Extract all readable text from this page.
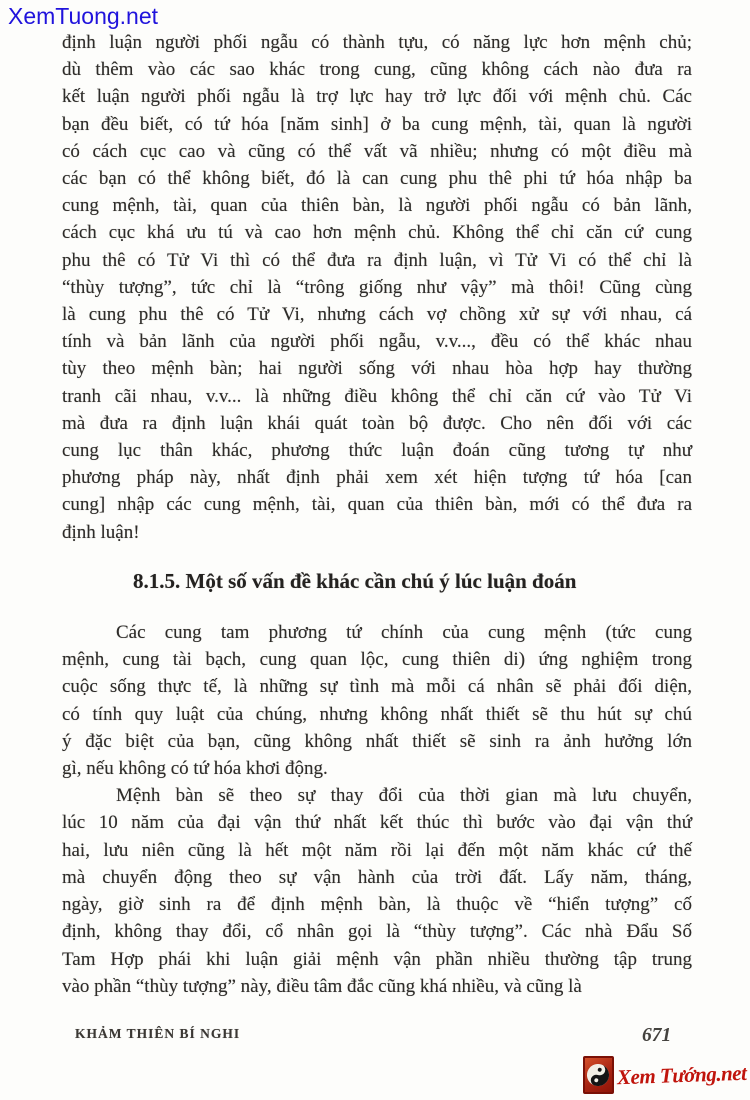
XemTuong.net
định luận người phối ngẫu có thành tựu, có năng lực hơn mệnh chủ;
dù thêm vào các sao khác trong cung, cũng không cách nào đưa ra
kết luận người phối ngẫu là trợ lực hay trở lực đối với mệnh chủ. Các
bạn đều biết, có tứ hóa [năm sinh] ở ba cung mệnh, tài, quan là người
có cách cục cao và cũng có thể vất vã nhiều; nhưng có một điều mà
các bạn có thể không biết, đó là can cung phu thê phi tứ hóa nhập ba
cung mệnh, tài, quan của thiên bàn, là người phối ngẫu có bản lãnh,
cách cục khá ưu tú và cao hơn mệnh chủ. Không thể chỉ căn cứ cung
phu thê có Tử Vi thì có thể đưa ra định luận, vì Tử Vi có thể chỉ là
“thùy tượng”, tức chỉ là “trông giống như vậy” mà thôi! Cũng cùng
là cung phu thê có Tử Vi, nhưng cách vợ chồng xử sự với nhau, cá
tính và bản lãnh của người phối ngẫu, v.v..., đều có thể khác nhau
tùy theo mệnh bàn; hai người sống với nhau hòa hợp hay thường
tranh cãi nhau, v.v... là những điều không thể chỉ căn cứ vào Tử Vi
mà đưa ra định luận khái quát toàn bộ được. Cho nên đối với các
cung lục thân khác, phương thức luận đoán cũng tương tự như
phương pháp này, nhất định phải xem xét hiện tượng tứ hóa [can
cung] nhập các cung mệnh, tài, quan của thiên bàn, mới có thể đưa ra
định luận!
8.1.5. Một số vấn đề khác cần chú ý lúc luận đoán
Các cung tam phương tứ chính của cung mệnh (tức cung
mệnh, cung tài bạch, cung quan lộc, cung thiên di) ứng nghiệm trong
cuộc sống thực tế, là những sự tình mà mỗi cá nhân sẽ phải đối diện,
có tính quy luật của chúng, nhưng không nhất thiết sẽ thu hút sự chú
ý đặc biệt của bạn, cũng không nhất thiết sẽ sinh ra ảnh hưởng lớn
gì, nếu không có tứ hóa khơi động.
Mệnh bàn sẽ theo sự thay đổi của thời gian mà lưu chuyển,
lúc 10 năm của đại vận thứ nhất kết thúc thì bước vào đại vận thứ
hai, lưu niên cũng là hết một năm rồi lại đến một năm khác cứ thế
mà chuyển động theo sự vận hành của trời đất. Lấy năm, tháng,
ngày, giờ sinh ra để định mệnh bàn, là thuộc về “hiển tượng” cố
định, không thay đổi, cổ nhân gọi là “thùy tượng”. Các nhà Đẩu Số
Tam Hợp phái khi luận giải mệnh vận phần nhiều thường tập trung
vào phần “thùy tượng” này, điều tâm đắc cũng khá nhiều, và cũng là
KHẢM THIÊN BÍ NGHI	671
Xem Tướng.net
